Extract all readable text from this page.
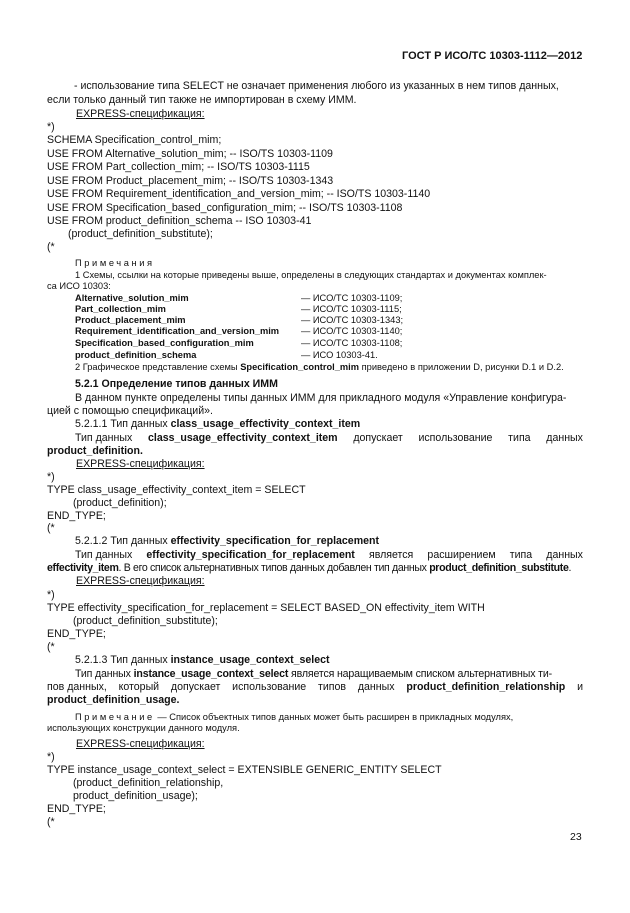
ГОСТ Р ИСО/ТС 10303-1112—2012
- использование типа SELECT не означает применения любого из указанных в нем типов данных,
если только данный тип также не импортирован в схему ИММ.
EXPRESS-спецификация:
*)
SCHEMA Specification_control_mim;
USE FROM Alternative_solution_mim; -- ISO/TS 10303-1109
USE FROM Part_collection_mim; -- ISO/TS 10303-1115
USE FROM Product_placement_mim; -- ISO/TS 10303-1343
USE FROM Requirement_identification_and_version_mim; -- ISO/TS 10303-1140
USE FROM Specification_based_configuration_mim; -- ISO/TS 10303-1108
USE FROM product_definition_schema -- ISO 10303-41
(product_definition_substitute);
(*
Примечания
1 Схемы, ссылки на которые приведены выше, определены в следующих стандартах и документах комплек-
са ИСО 10303:
Alternative_solution_mim	— ИСО/ТС 10303-1109;
Part_collection_mim	— ИСО/ТС 10303-1115;
Product_placement_mim	— ИСО/ТС 10303-1343;
Requirement_identification_and_version_mim	— ИСО/ТС 10303-1140;
Specification_based_configuration_mim	— ИСО/ТС 10303-1108;
product_definition_schema	— ИСО 10303-41.
2 Графическое представление схемы Specification_control_mim приведено в приложении D, рисунки D.1 и D.2.
5.2.1 Определение типов данных ИММ
В данном пункте определены типы данных ИММ для прикладного модуля «Управление конфигура-
цией с помощью спецификаций».
5.2.1.1 Тип данных class_usage_effectivity_context_item
Тип данных class_usage_effectivity_context_item допускает использование типа данных
product_definition.
EXPRESS-спецификация:
*)
TYPE class_usage_effectivity_context_item = SELECT
(product_definition);
END_TYPE;
(*
5.2.1.2 Тип данных effectivity_specification_for_replacement
Тип данных effectivity_specification_for_replacement является расширением типа данных
effectivity_item. В его список альтернативных типов данных добавлен тип данных product_definition_substitute.
EXPRESS-спецификация:
*)
TYPE effectivity_specification_for_replacement = SELECT BASED_ON effectivity_item WITH
(product_definition_substitute);
END_TYPE;
(*
5.2.1.3 Тип данных instance_usage_context_select
Тип данных instance_usage_context_select является наращиваемым списком альтернативных ти-
пов данных, который допускает использование типов данных product_definition_relationship и
product_definition_usage.
Примечание — Список объектных типов данных может быть расширен в прикладных модулях,
использующих конструкции данного модуля.
EXPRESS-спецификация:
*)
TYPE instance_usage_context_select = EXTENSIBLE GENERIC_ENTITY SELECT
(product_definition_relationship,
product_definition_usage);
END_TYPE;
(*
23
